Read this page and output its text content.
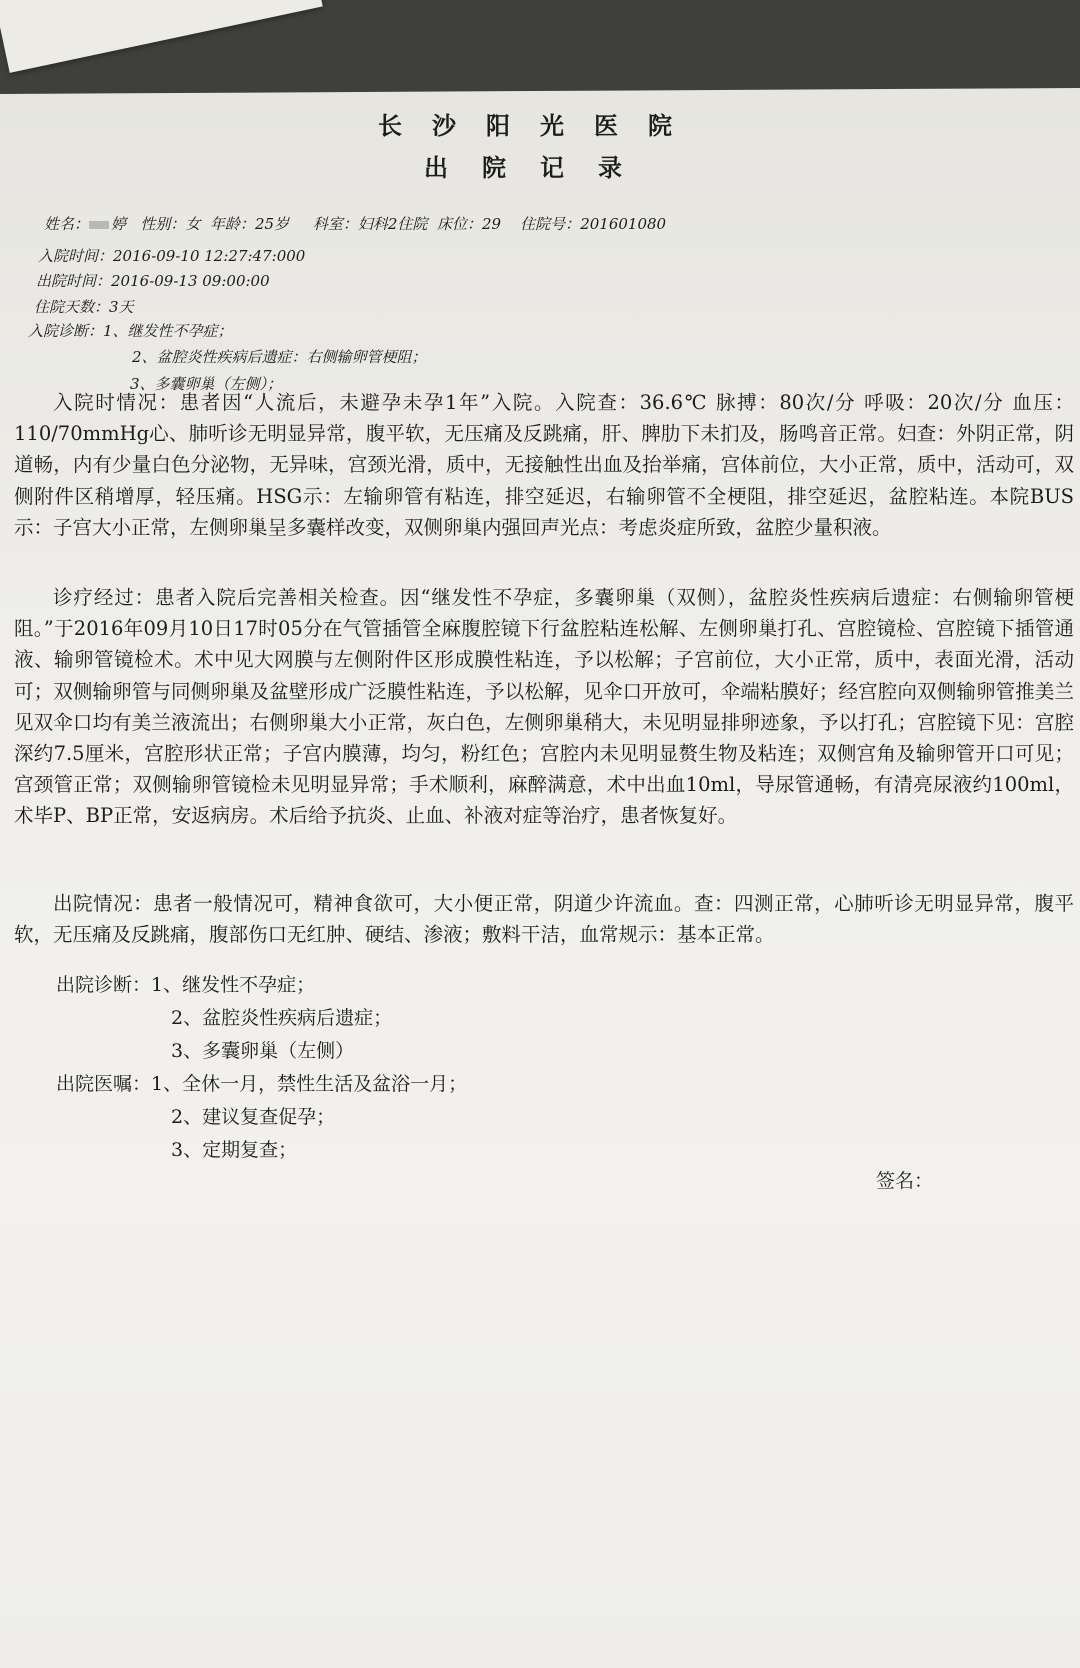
长沙阳光医院
出院记录
姓名： 婷 性别：女 年龄：25岁 科室：妇科2住院 床位：29 住院号：201601080
入院时间：2016-09-10 12:27:47:000
出院时间：2016-09-13 09:00:00
住院天数：3天
入院诊断：1、继发性不孕症；
2、盆腔炎性疾病后遗症：右侧输卵管梗阻；
3、多囊卵巢（左侧）；

入院时情况：患者因“人流后，未避孕未孕1年”入院。入院查：36.6℃ 脉搏：80次/分 呼吸：20次/分 血压：110/70mmHg心、肺听诊无明显异常，腹平软，无压痛及反跳痛，肝、脾肋下未扪及，肠鸣音正常。妇查：外阴正常，阴道畅，内有少量白色分泌物，无异味，宫颈光滑，质中，无接触性出血及抬举痛，宫体前位，大小正常，质中，活动可，双侧附件区稍增厚，轻压痛。HSG示：左输卵管有粘连，排空延迟，右输卵管不全梗阻，排空延迟，盆腔粘连。本院BUS示：子宫大小正常，左侧卵巢呈多囊样改变，双侧卵巢内强回声光点：考虑炎症所致，盆腔少量积液。

诊疗经过：患者入院后完善相关检查。因“继发性不孕症，多囊卵巢（双侧），盆腔炎性疾病后遗症：右侧输卵管梗阻。”于2016年09月10日17时05分在气管插管全麻腹腔镜下行盆腔粘连松解、左侧卵巢打孔、宫腔镜检、宫腔镜下插管通液、输卵管镜检术。术中见大网膜与左侧附件区形成膜性粘连，予以松解；子宫前位，大小正常，质中，表面光滑，活动可；双侧输卵管与同侧卵巢及盆壁形成广泛膜性粘连，予以松解，见伞口开放可，伞端粘膜好；经宫腔向双侧输卵管推美兰见双伞口均有美兰液流出；右侧卵巢大小正常，灰白色，左侧卵巢稍大，未见明显排卵迹象，予以打孔；宫腔镜下见：宫腔深约7.5厘米，宫腔形状正常；子宫内膜薄，均匀，粉红色；宫腔内未见明显赘生物及粘连；双侧宫角及输卵管开口可见；宫颈管正常；双侧输卵管镜检未见明显异常；手术顺利，麻醉满意，术中出血10ml，导尿管通畅，有清亮尿液约100ml，术毕P、BP正常，安返病房。术后给予抗炎、止血、补液对症等治疗，患者恢复好。

出院情况：患者一般情况可，精神食欲可，大小便正常，阴道少许流血。查：四测正常，心肺听诊无明显异常，腹平软，无压痛及反跳痛，腹部伤口无红肿、硬结、渗液；敷料干洁，血常规示：基本正常。

出院诊断：1、继发性不孕症；
2、盆腔炎性疾病后遗症；
3、多囊卵巢（左侧）
出院医嘱：1、全休一月，禁性生活及盆浴一月；
2、建议复查促孕；
3、定期复查；
签名：
